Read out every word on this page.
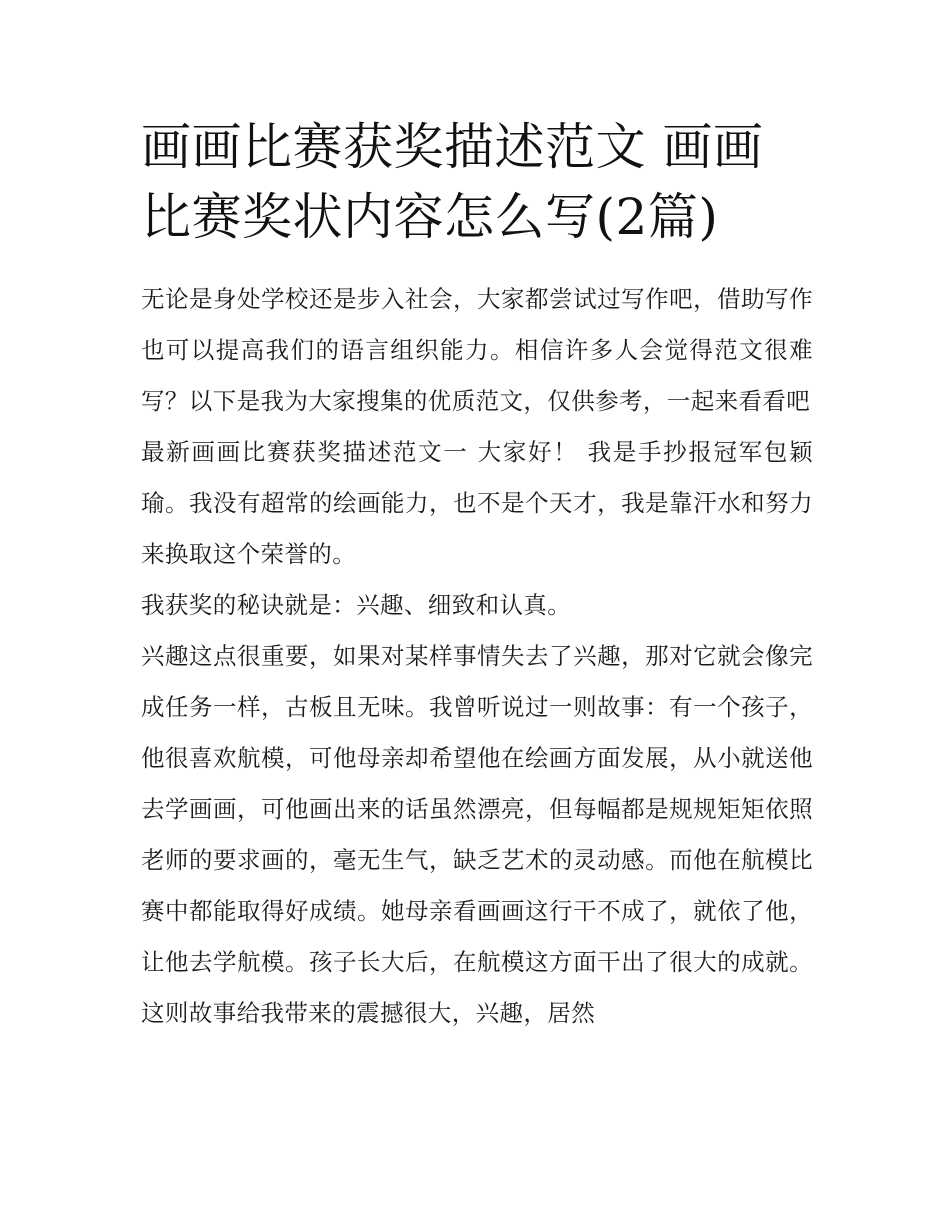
画画比赛获奖描述范文 画画比赛奖状内容怎么写(2篇)

无论是身处学校还是步入社会，大家都尝试过写作吧，借助写作也可以提高我们的语言组织能力。相信许多人会觉得范文很难写？以下是我为大家搜集的优质范文，仅供参考，一起来看看吧

最新画画比赛获奖描述范文一 大家好！ 我是手抄报冠军包颖瑜。我没有超常的绘画能力，也不是个天才，我是靠汗水和努力来换取这个荣誉的。

我获奖的秘诀就是：兴趣、细致和认真。

兴趣这点很重要，如果对某样事情失去了兴趣，那对它就会像完成任务一样，古板且无味。我曾听说过一则故事：有一个孩子，他很喜欢航模，可他母亲却希望他在绘画方面发展，从小就送他去学画画，可他画出来的话虽然漂亮，但每幅都是规规矩矩依照老师的要求画的，毫无生气，缺乏艺术的灵动感。而他在航模比赛中都能取得好成绩。她母亲看画画这行干不成了，就依了他，让他去学航模。孩子长大后，在航模这方面干出了很大的成就。这则故事给我带来的震撼很大，兴趣，居然
